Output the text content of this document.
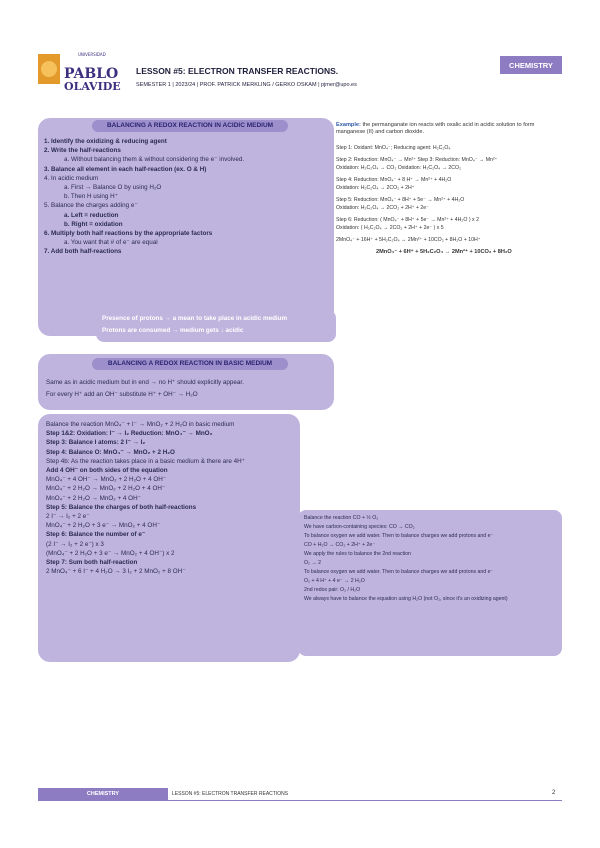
PABLO
OLAVIDE
UNIVERSIDAD
LESSON #5: ELECTRON TRANSFER REACTIONS.
SEMESTER 1 | 2023/24 | PROF. PATRICK MERKLING / GERKO OSKAM | pjmer@upo.es
CHEMISTRY
BALANCING A REDOX REACTION IN ACIDIC MEDIUM
1. Identify the oxidizing & reducing agent
2. Write the half-reactions
a. Without balancing them & without considering the e⁻ involved.
3. Balance all element in each half-reaction (ex. O & H)
4. In acidic medium
a. First → Balance O by using H₂O
b. Then H using H⁺
5. Balance the charges adding e⁻
a. Left = reduction
b. Right = oxidation
6. Multiply both half reactions by the appropriate factors
a. You want that # of e⁻ are equal
7. Add both half-reactions
Presence of protons → a mean to take place in acidic medium
Protons are consumed → medium gets ↓ acidic
Example: the permanganate ion reacts with oxalic acid in acidic solution to form manganese (II) and carbon dioxide.
Step 1: Oxidant: MnO₄⁻; Reducing agent: H₂C₂O₄
Step 2: Reduction: MnO₄⁻ → Mn²⁺ Step 3: Reduction: MnO₄⁻ → Mn²⁺
Oxidation: H₂C₂O₄ → CO₂ Oxidation: H₂C₂O₄ → 2CO₂
Step 4: Reduction: MnO₄⁻ + 8 H⁺ → Mn²⁺ + 4H₂O
Oxidation: H₂C₂O₄ → 2CO₂ + 2H⁺
Step 5: Reduction: MnO₄⁻ + 8H⁺ + 5e⁻ → Mn²⁺ + 4H₂O
Oxidation: H₂C₂O₄ → 2CO₂ + 2H⁺ + 2e⁻
Step 6: Reduction: ( MnO₄⁻ + 8H⁺ + 5e⁻ → Mn²⁺ + 4H₂O ) x 2
Oxidation: ( H₂C₂O₄ → 2CO₂ + 2H⁺ + 2e⁻ ) x 5
2MnO₄⁻ + 16H⁺ + 5H₂C₂O₄ → 2Mn²⁺ + 10CO₂ + 8H₂O + 10H⁺
2MnO₄⁻ + 6H⁺ + 5H₂C₂O₄ → 2Mn²⁺ + 10CO₂ + 8H₂O
BALANCING A REDOX REACTION IN BASIC MEDIUM
Same as in acidic medium but in end → no H⁺ should explicitly appear.
For every H⁺ add an OH⁻ substitute H⁺ + OH⁻ → H₂O
Balance the reaction MnO₄⁻ + I⁻ → MnO₂ + 2 H₂O in basic medium
Step 1&2: Oxidation: I⁻ → I₂ Reduction: MnO₄⁻ → MnO₂
Step 3: Balance I atoms: 2 I⁻ → I₂
Step 4: Balance O: MnO₄⁻ → MnO₂ + 2 H₂O
Step 4b: As the reaction takes place in a basic medium & there are 4H⁺
Add 4 OH⁻ on both sides of the equation
MnO₄⁻ + 4 OH⁻ → MnO₂ + 2 H₂O + 4 OH⁻
MnO₄⁻ + 2 H₂O → MnO₂ + 2 H₂O + 4 OH⁻
MnO₄⁻ + 2 H₂O → MnO₂ + 4 OH⁻
Step 5: Balance the charges of both half-reactions
2 I⁻ → I₂ + 2 e⁻
MnO₄⁻ + 2 H₂O + 3 e⁻ → MnO₂ + 4 OH⁻
Step 6: Balance the number of e⁻
(2 I⁻ → I₂ + 2 e⁻) x 3
(MnO₄⁻ + 2 H₂O + 3 e⁻ → MnO₂ + 4 OH⁻) x 2
Step 7: Sum both half-reaction
2 MnO₄⁻ + 6 I⁻ + 4 H₂O → 3 I₂ + 2 MnO₂ + 8 OH⁻
Balance the reaction CO + ½ O₂
We have carbon-containing species: CO → CO₂
To balance oxygen we add water. Then to balance charges we add protons and e⁻
CO + H₂O → CO₂ + 2H⁺ + 2e⁻
We apply the rules to balance the 2nd reaction
O₂ → 2
To balance oxygen we add water. Then to balance charges we add protons and e⁻
O₂ + 4 H⁺ + 4 e⁻ → 2 H₂O
2nd redox pair: O₂ / H₂O
We always have to balance the equation using H₂O (not O₂, since it's an oxidizing agent)
CHEMISTRY	LESSON #5: ELECTRON TRANSFER REACTIONS	2
